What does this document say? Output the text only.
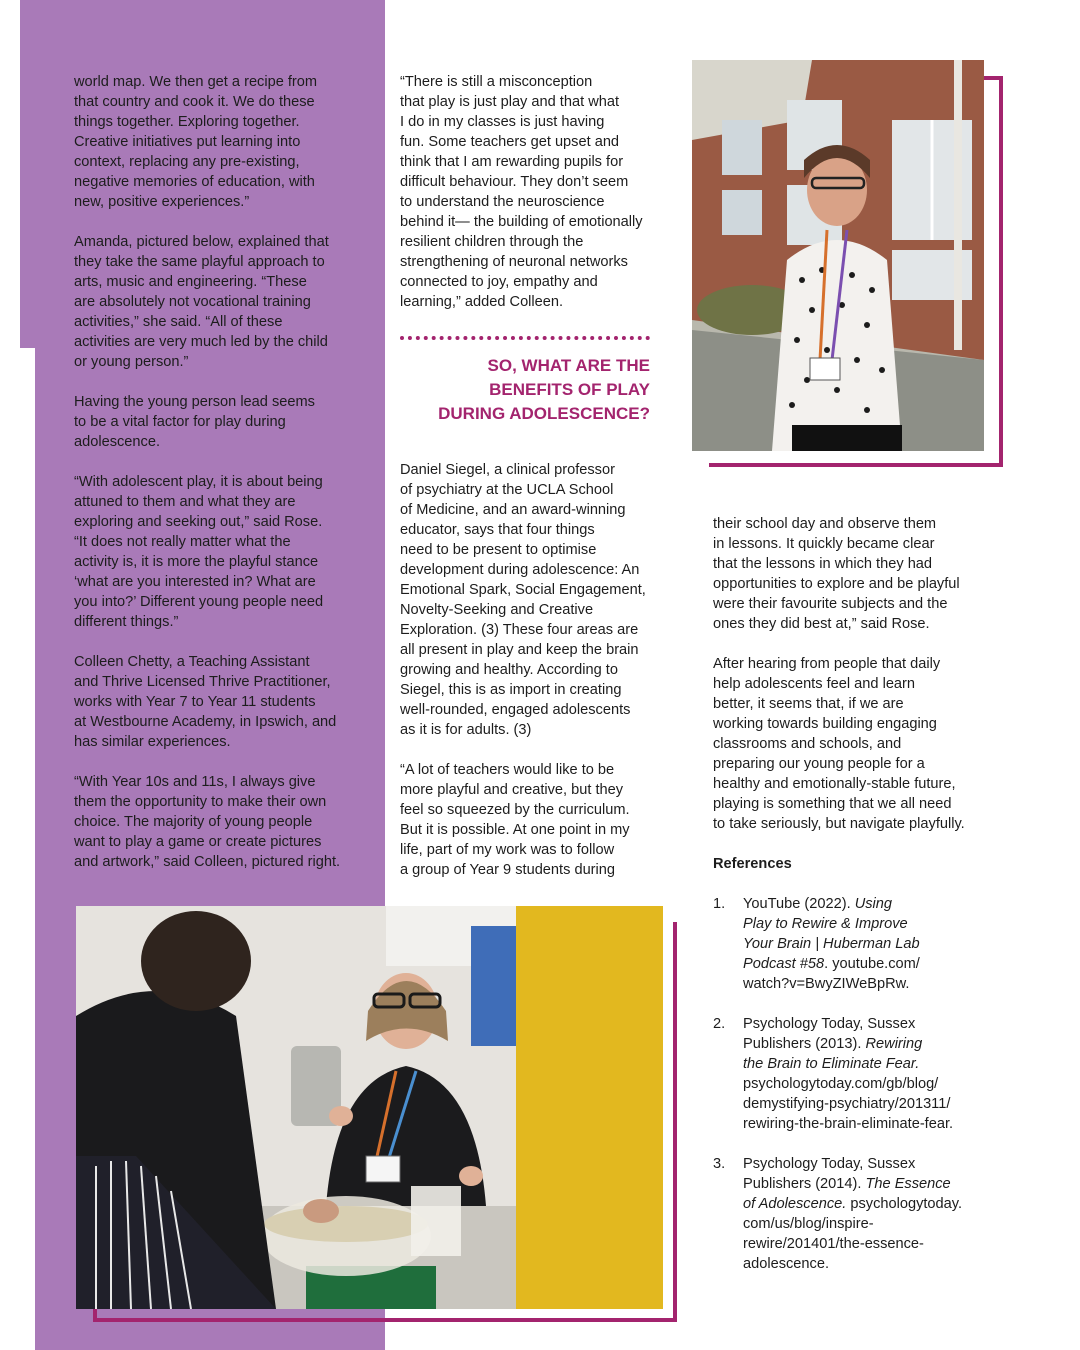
world map. We then get a recipe from
that country and cook it. We do these
things together. Exploring together.
Creative initiatives put learning into
context, replacing any pre-existing,
negative memories of education, with
new, positive experiences.”

Amanda, pictured below, explained that
they take the same playful approach to
arts, music and engineering. “These
are absolutely not vocational training
activities,” she said. “All of these
activities are very much led by the child
or young person.”

Having the young person lead seems
to be a vital factor for play during
adolescence.

“With adolescent play, it is about being
attuned to them and what they are
exploring and seeking out,” said Rose.
“It does not really matter what the
activity is, it is more the playful stance
‘what are you interested in? What are
you into?’ Different young people need
different things.”

Colleen Chetty, a Teaching Assistant
and Thrive Licensed Thrive Practitioner,
works with Year 7 to Year 11 students
at Westbourne Academy, in Ipswich, and
has similar experiences.

“With Year 10s and 11s, I always give
them the opportunity to make their own
choice. The majority of young people
want to play a game or create pictures
and artwork,” said Colleen, pictured right.

“There is still a misconception
that play is just play and that what
I do in my classes is just having
fun. Some teachers get upset and
think that I am rewarding pupils for
difficult behaviour. They don’t seem
to understand the neuroscience
behind it— the building of emotionally
resilient children through the
strengthening of neuronal networks
connected to joy, empathy and
learning,” added Colleen.

SO, WHAT ARE THE
BENEFITS OF PLAY
DURING ADOLESCENCE?

Daniel Siegel, a clinical professor
of psychiatry at the UCLA School
of Medicine, and an award-winning
educator, says that four things
need to be present to optimise
development during adolescence: An
Emotional Spark, Social Engagement,
Novelty-Seeking and Creative
Exploration. (3) These four areas are
all present in play and keep the brain
growing and healthy. According to
Siegel, this is as import in creating
well-rounded, engaged adolescents
as it is for adults. (3)

“A lot of teachers would like to be
more playful and creative, but they
feel so squeezed by the curriculum.
But it is possible. At one point in my
life, part of my work was to follow
a group of Year 9 students during

their school day and observe them
in lessons. It quickly became clear
that the lessons in which they had
opportunities to explore and be playful
were their favourite subjects and the
ones they did best at,” said Rose.

After hearing from people that daily
help adolescents feel and learn
better, it seems that, if we are
working towards building engaging
classrooms and schools, and
preparing our young people for a
healthy and emotionally-stable future,
playing is something that we all need
to take seriously, but navigate playfully.

References
1. YouTube (2022). Using
Play to Rewire & Improve
Your Brain | Huberman Lab
Podcast #58. youtube.com/
watch?v=BwyZIWeBpRw.
2. Psychology Today, Sussex
Publishers (2013). Rewiring
the Brain to Eliminate Fear.
psychologytoday.com/gb/blog/
demystifying-psychiatry/201311/
rewiring-the-brain-eliminate-fear.
3. Psychology Today, Sussex
Publishers (2014). The Essence
of Adolescence. psychologytoday.
com/us/blog/inspire-
rewire/201401/the-essence-
adolescence.
